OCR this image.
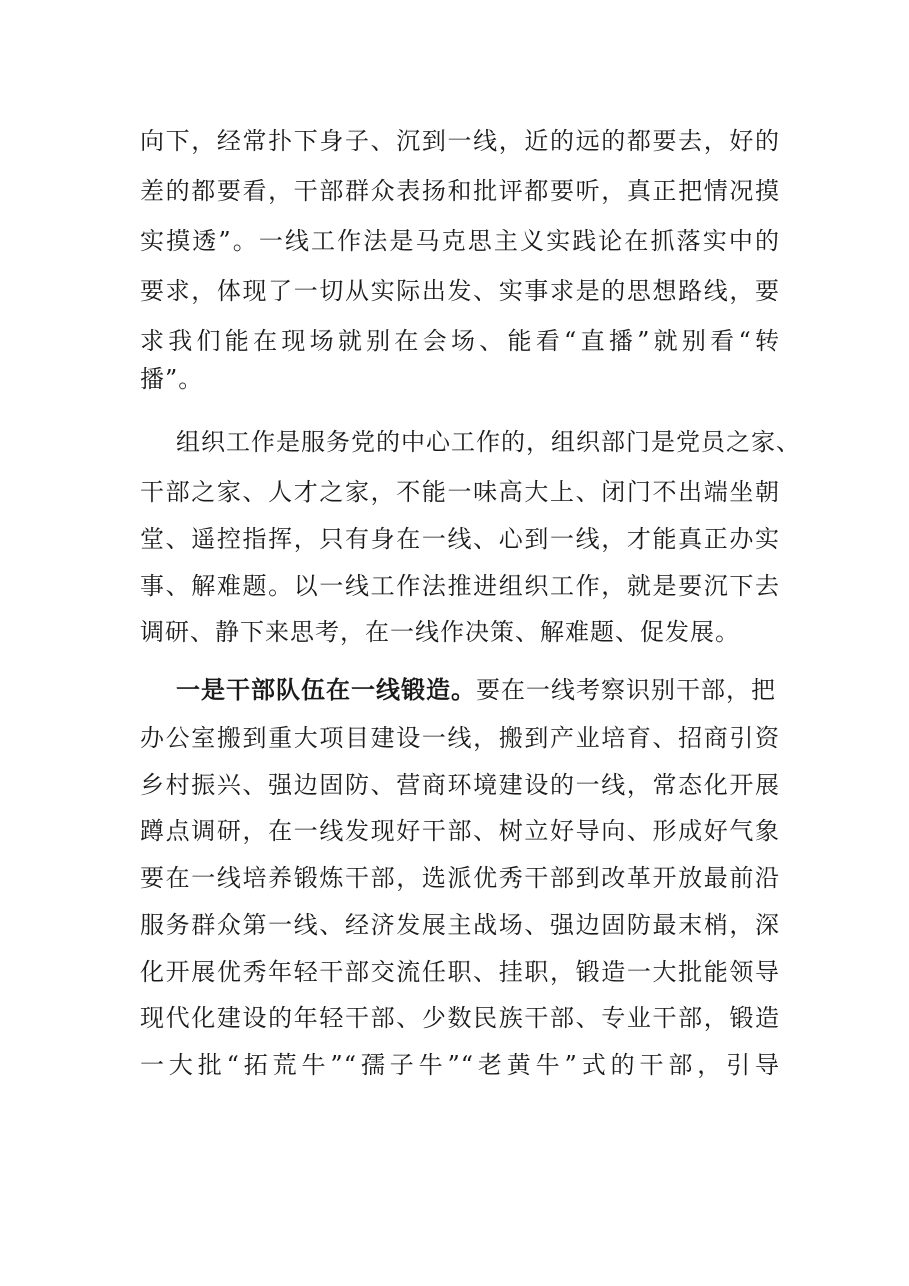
向下，经常扑下身子、沉到一线，近的远的都要去，好的
差的都要看，干部群众表扬和批评都要听，真正把情况摸
实摸透”。一线工作法是马克思主义实践论在抓落实中的
要求，体现了一切从实际出发、实事求是的思想路线，要
求我们能在现场就别在会场、能看“直播”就别看“转
播”。
组织工作是服务党的中心工作的，组织部门是党员之家、
干部之家、人才之家，不能一味高大上、闭门不出端坐朝
堂、遥控指挥，只有身在一线、心到一线，才能真正办实
事、解难题。以一线工作法推进组织工作，就是要沉下去
调研、静下来思考，在一线作决策、解难题、促发展。
一是干部队伍在一线锻造。要在一线考察识别干部，把
办公室搬到重大项目建设一线，搬到产业培育、招商引资
乡村振兴、强边固防、营商环境建设的一线，常态化开展
蹲点调研，在一线发现好干部、树立好导向、形成好气象
要在一线培养锻炼干部，选派优秀干部到改革开放最前沿
服务群众第一线、经济发展主战场、强边固防最末梢，深
化开展优秀年轻干部交流任职、挂职，锻造一大批能领导
现代化建设的年轻干部、少数民族干部、专业干部，锻造
一大批“拓荒牛”“孺子牛”“老黄牛”式的干部，引导
